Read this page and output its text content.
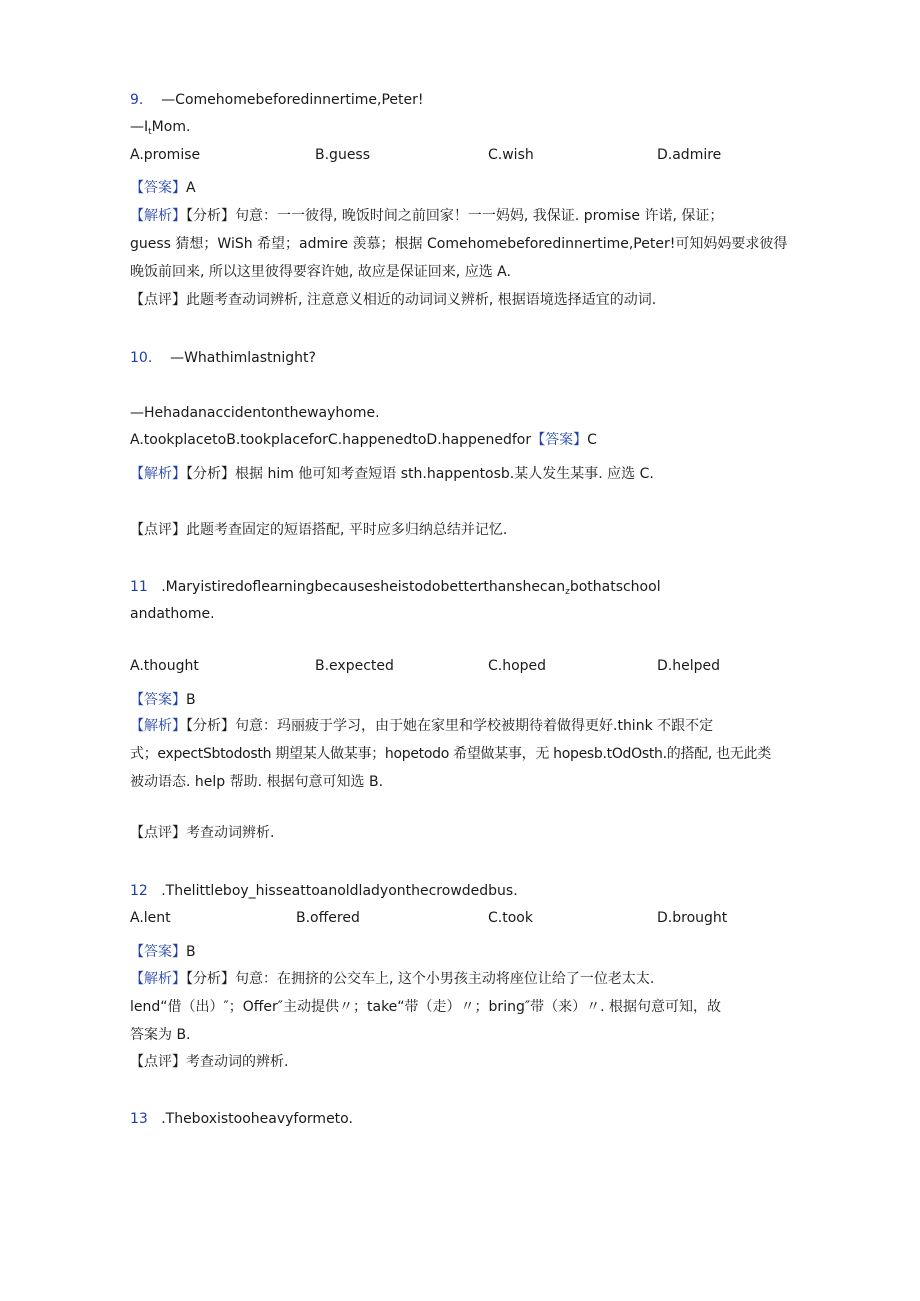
9. —Comehomebeforedinnertime,Peter!
$—I_tMom$.
A.promise	B.guess	C.wish	D.admire
【答案】A
【解析】【分析】句意：一一彼得, 晚饭时间之前回家！一一妈妈, 我保证. promise 许诺, 保证；
guess 猜想；WiSh 希望；admire 羡慕；根据 Comehomebeforedinnertime,Peter!可知妈妈要求彼得
晚饭前回来, 所以这里彼得要容许她, 故应是保证回来, 应选 A.
【点评】此题考查动词辨析, 注意意义相近的动词词义辨析, 根据语境选择适宜的动词.
10. —Whathimlastnight?
—Hehadanaccidentonthewayhome.
A.tookplacetoB.tookplaceforC.happenedtoD.happenedfor【答案】C
【解析】【分析】根据 him 他可知考查短语 sth.happentosb.某人发生某事. 应选 C.
【点评】此题考查固定的短语搭配, 平时应多归纳总结并记忆.
11 .Maryistiredoflearningbecausesheistodobetterthanshecan$_z$bothatschool
andathome.
A.thought	B.expected	C.hoped	D.helped
【答案】B
【解析】【分析】句意：玛丽疲于学习，由于她在家里和学校被期待着做得更好.think 不跟不定
式；expectSbtodosth 期望某人做某事；hopetodo 希望做某事，无 hopesb.tOdOsth.的搭配, 也无此类
被动语态. help 帮助. 根据句意可知选 B.
【点评】考查动词辨析.
12 .Thelittleboy_hisseattoanoldladyonthecrowdedbus.
A.lent	B.offered	C.took	D.brought
【答案】B
【解析】【分析】句意：在拥挤的公交车上, 这个小男孩主动将座位让给了一位老太太.
lend“借（出）″；Offer″主动提供〃；take“带（走）〃；bring″带（来）〃. 根据句意可知，故
答案为 B.
【点评】考查动词的辨析.
13 .Theboxistooheavyformeto.
